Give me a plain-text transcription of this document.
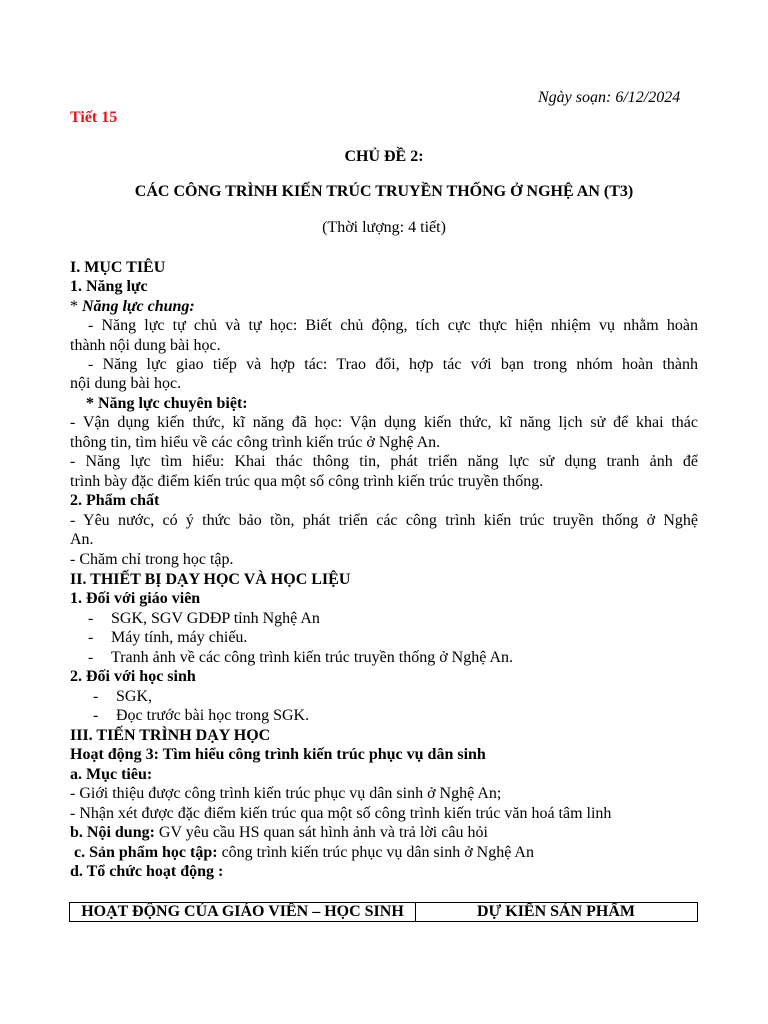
Ngày soạn: 6/12/2024
Tiết 15
CHỦ ĐỀ 2:
CÁC CÔNG TRÌNH KIẾN TRÚC TRUYỀN THỐNG Ở NGHỆ AN (T3)
(Thời lượng: 4 tiết)
I. MỤC TIÊU
1. Năng lực
* Năng lực chung:
- Năng lực tự chủ và tự học: Biết chủ động, tích cực thực hiện nhiệm vụ nhằm hoàn
thành nội dung bài học.
- Năng lực giao tiếp và hợp tác: Trao đổi, hợp tác với bạn trong nhóm hoàn thành
nội dung bài học.
* Năng lực chuyên biệt:
- Vận dụng kiến thức, kĩ năng đã học: Vận dụng kiến thức, kĩ năng lịch sử để khai thác
thông tin, tìm hiểu về các công trình kiến trúc ở Nghệ An.
- Năng lực tìm hiểu: Khai thác thông tin, phát triển năng lực sử dụng tranh ảnh để
trình bày đặc điểm kiến trúc qua một số công trình kiến trúc truyền thống.
2. Phẩm chất
- Yêu nước, có ý thức bảo tồn, phát triển các công trình kiến trúc truyền thống ở Nghệ
An.
- Chăm chỉ trong học tập.
II. THIẾT BỊ DẠY HỌC VÀ HỌC LIỆU
1. Đối với giáo viên
- SGK, SGV GDĐP tỉnh Nghệ An
- Máy tính, máy chiếu.
- Tranh ảnh về các công trình kiến trúc truyền thống ở Nghệ An.
2. Đối với học sinh
- SGK,
- Đọc trước bài học trong SGK.
III. TIẾN TRÌNH DẠY HỌC
Hoạt động 3: Tìm hiểu công trình kiến trúc phục vụ dân sinh
a. Mục tiêu:
- Giới thiệu được công trình kiến trúc phục vụ dân sinh ở Nghệ An;
- Nhận xét được đặc điểm kiến trúc qua một số công trình kiến trúc văn hoá tâm linh
b. Nội dung: GV yêu cầu HS quan sát hình ảnh và trả lời câu hỏi
c. Sản phẩm học tập: công trình kiến trúc phục vụ dân sinh ở Nghệ An
d. Tổ chức hoạt động :
HOẠT ĐỘNG CỦA GIÁO VIÊN – HỌC SINH	DỰ KIẾN SẢN PHẨM
